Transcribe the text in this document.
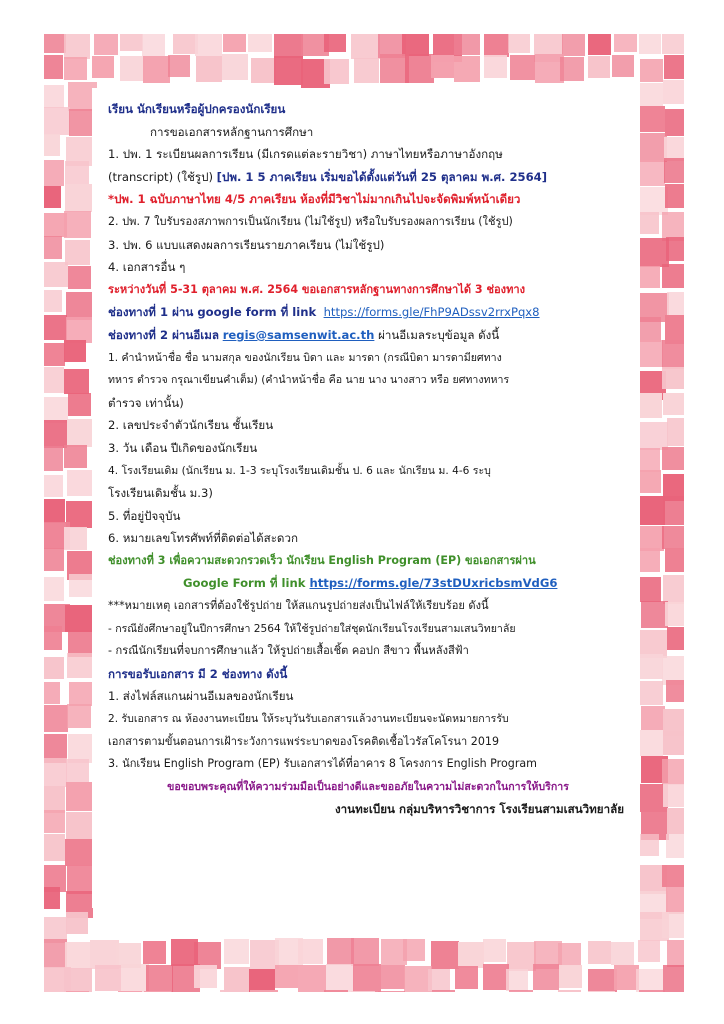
เรียน นักเรียนหรือผู้ปกครองนักเรียน

การขอเอกสารหลักฐานการศึกษา

1. ปพ. 1 ระเบียนผลการเรียน (มีเกรดแต่ละรายวิชา) ภาษาไทยหรือภาษาอังกฤษ

(transcript) (ใช้รูป) [ปพ. 1 5 ภาคเรียน เริ่มขอได้ตั้งแต่วันที่ 25 ตุลาคม พ.ศ. 2564]

*ปพ. 1 ฉบับภาษาไทย 4/5 ภาคเรียน ห้องที่มีวิชาไม่มากเกินไปจะจัดพิมพ์หน้าเดียว

2. ปพ. 7 ใบรับรองสภาพการเป็นนักเรียน (ไม่ใช้รูป) หรือใบรับรองผลการเรียน (ใช้รูป)

3. ปพ. 6 แบบแสดงผลการเรียนรายภาคเรียน (ไม่ใช้รูป)

4. เอกสารอื่น ๆ

ระหว่างวันที่ 5-31 ตุลาคม พ.ศ. 2564 ขอเอกสารหลักฐานทางการศึกษาได้ 3 ช่องทาง

ช่องทางที่ 1 ผ่าน google form ที่ link https://forms.gle/FhP9ADssv2rrxPqx8

ช่องทางที่ 2 ผ่านอีเมล regis@samsenwit.ac.th ผ่านอีเมลระบุข้อมูล ดังนี้

1. คำนำหน้าชื่อ ชื่อ นามสกุล ของนักเรียน บิดา และ มารดา (กรณีบิดา มารดามียศทาง

ทหาร ตำรวจ กรุณาเขียนคำเต็ม) (คำนำหน้าชื่อ คือ นาย นาง นางสาว หรือ ยศทางทหาร

ตำรวจ เท่านั้น)

2. เลขประจำตัวนักเรียน ชั้นเรียน

3. วัน เดือน ปีเกิดของนักเรียน

4. โรงเรียนเดิม (นักเรียน ม. 1-3 ระบุโรงเรียนเดิมชั้น ป. 6 และ นักเรียน ม. 4-6 ระบุ

โรงเรียนเดิมชั้น ม.3)

5. ที่อยู่ปัจจุบัน

6. หมายเลขโทรศัพท์ที่ติดต่อได้สะดวก

ช่องทางที่ 3 เพื่อความสะดวกรวดเร็ว นักเรียน English Program (EP) ขอเอกสารผ่าน

Google Form ที่ link https://forms.gle/73stDUxricbsmVdG6

***หมายเหตุ เอกสารที่ต้องใช้รูปถ่าย ให้สแกนรูปถ่ายส่งเป็นไฟล์ให้เรียบร้อย ดังนี้

- กรณียังศึกษาอยู่ในปีการศึกษา 2564 ให้ใช้รูปถ่ายใส่ชุดนักเรียนโรงเรียนสามเสนวิทยาลัย

- กรณีนักเรียนที่จบการศึกษาแล้ว ให้รูปถ่ายเสื้อเชิ้ต คอปก สีขาว พื้นหลังสีฟ้า

การขอรับเอกสาร มี 2 ช่องทาง ดังนี้

1. ส่งไฟล์สแกนผ่านอีเมลของนักเรียน

2. รับเอกสาร ณ ห้องงานทะเบียน ให้ระบุวันรับเอกสารแล้วงานทะเบียนจะนัดหมายการรับ

เอกสารตามขั้นตอนการเฝ้าระวังการแพร่ระบาดของโรคติดเชื้อไวรัสโคโรนา 2019

3. นักเรียน English Program (EP) รับเอกสารได้ที่อาคาร 8 โครงการ English Program

ขอขอบพระคุณที่ให้ความร่วมมือเป็นอย่างดีและขออภัยในความไม่สะดวกในการให้บริการ

งานทะเบียน กลุ่มบริหารวิชาการ โรงเรียนสามเสนวิทยาลัย
